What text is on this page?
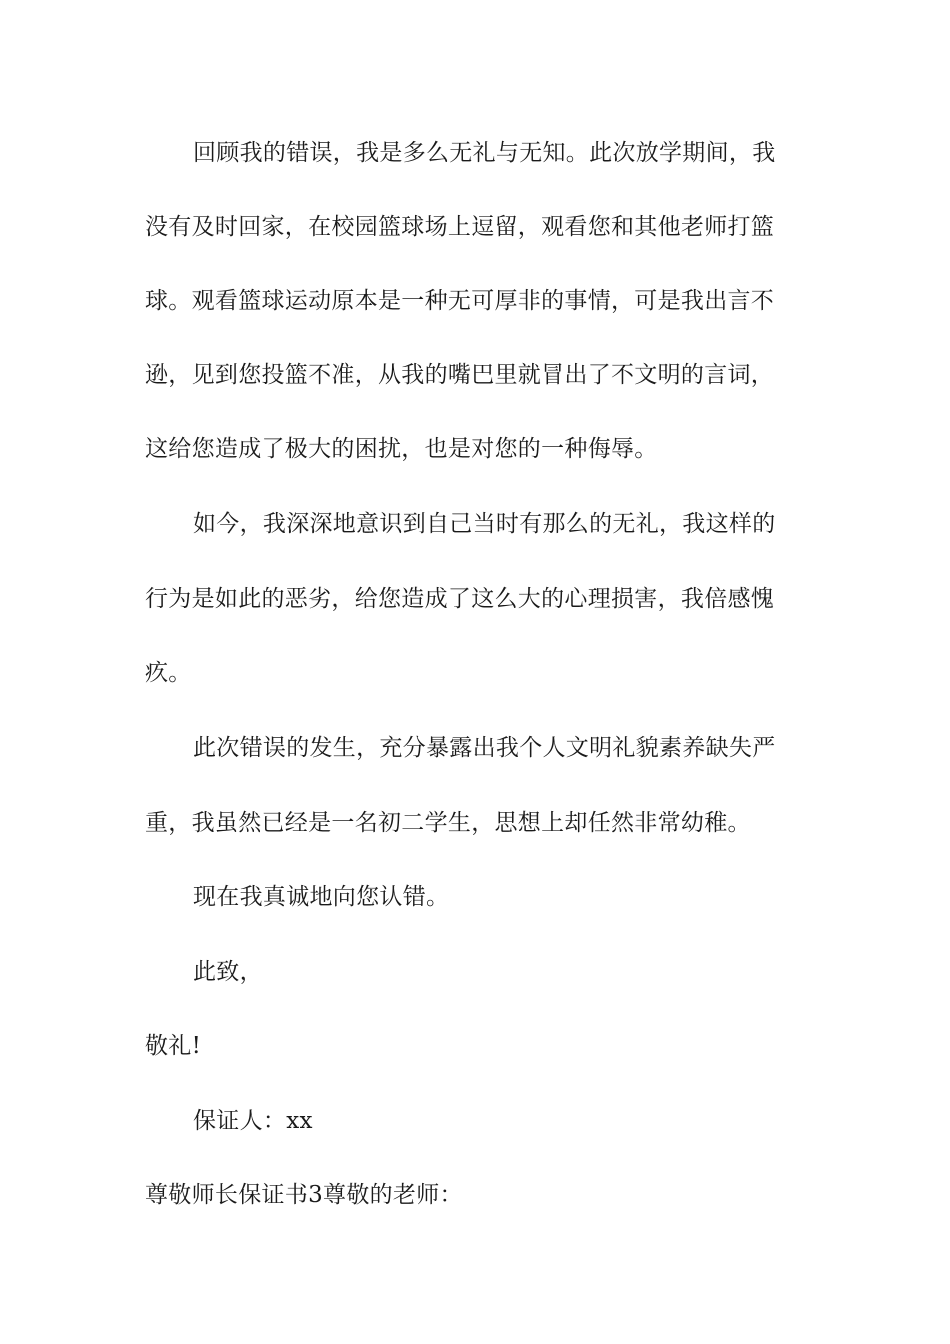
回顾我的错误，我是多么无礼与无知。此次放学期间，我
没有及时回家，在校园篮球场上逗留，观看您和其他老师打篮
球。观看篮球运动原本是一种无可厚非的事情，可是我出言不
逊，见到您投篮不准，从我的嘴巴里就冒出了不文明的言词，
这给您造成了极大的困扰，也是对您的一种侮辱。
如今，我深深地意识到自己当时有那么的无礼，我这样的
行为是如此的恶劣，给您造成了这么大的心理损害，我倍感愧
疚。
此次错误的发生，充分暴露出我个人文明礼貌素养缺失严
重，我虽然已经是一名初二学生，思想上却任然非常幼稚。
现在我真诚地向您认错。
此致，
敬礼!
保证人：xx
尊敬师长保证书3尊敬的老师：
